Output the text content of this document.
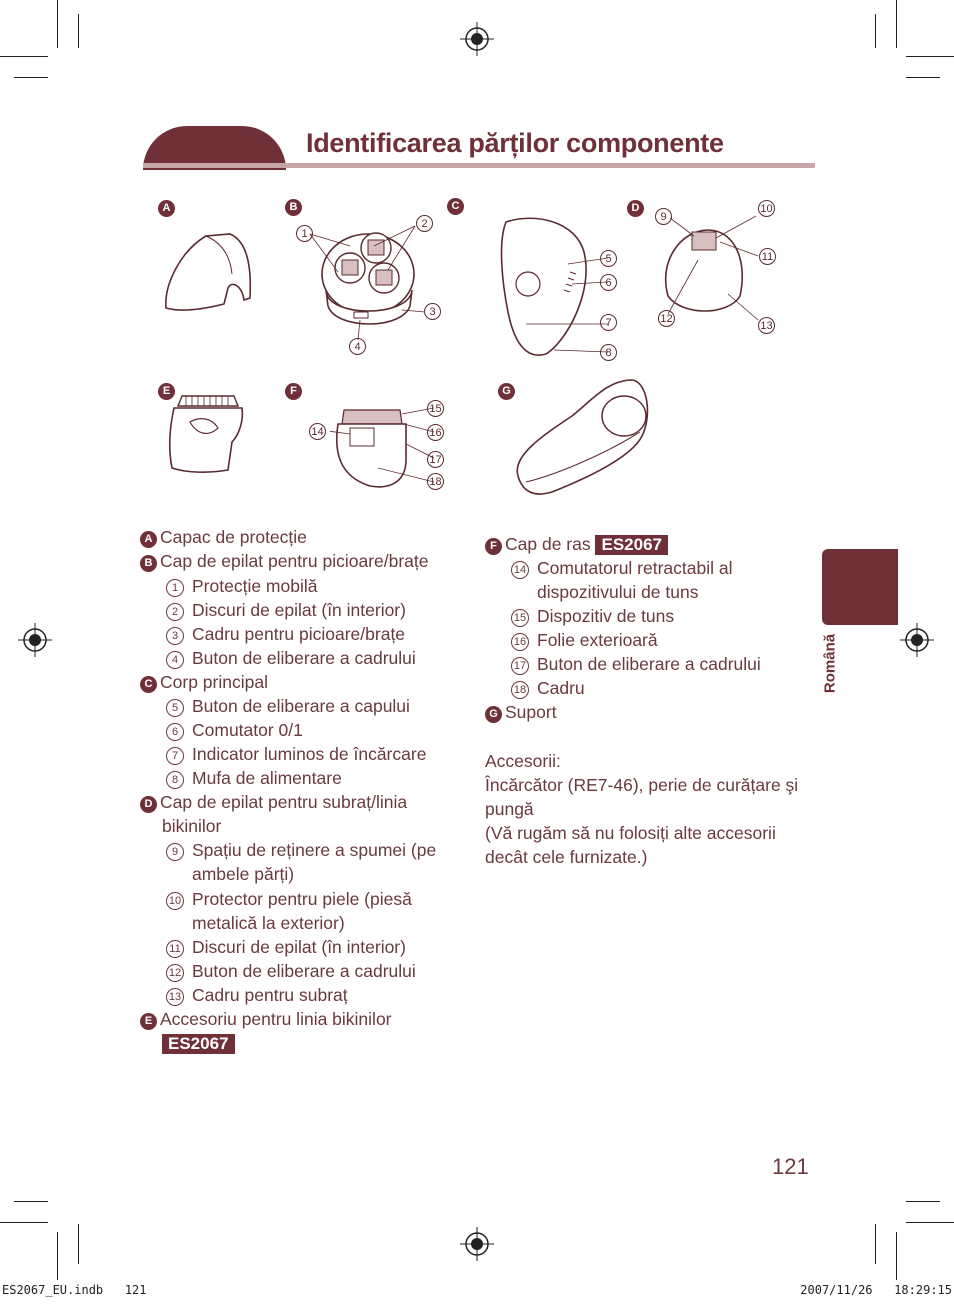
Identificarea părților componente
A	B	C	D
E	F	G
1
2
3
4
5
6
7
8
9
10
11
12
13
14
15
16
17
18
A Capac de protecție
B Cap de epilat pentru picioare/brațe
1 Protecție mobilă
2 Discuri de epilat (în interior)
3 Cadru pentru picioare/brațe
4 Buton de eliberare a cadrului
C Corp principal
5 Buton de eliberare a capului
6 Comutator 0/1
7 Indicator luminos de încărcare
8 Mufa de alimentare
D Cap de epilat pentru subraț/linia
bikinilor
9 Spațiu de reținere a spumei (pe
ambele părți)
10 Protector pentru piele (piesă
metalică la exterior)
11 Discuri de epilat (în interior)
12 Buton de eliberare a cadrului
13 Cadru pentru subraț
E Accesoriu pentru linia bikinilor
ES2067
F Cap de ras ES2067
14 Comutatorul retractabil al
dispozitivului de tuns
15 Dispozitiv de tuns
16 Folie exterioară
17 Buton de eliberare a cadrului
18 Cadru
G Suport
Accesorii:
Încărcător (RE7-46), perie de curățare şi
pungă
(Vă rugăm să nu folosiți alte accesorii
decât cele furnizate.)
Română
121
ES2067_EU.indb   121	2007/11/26   18:29:15
